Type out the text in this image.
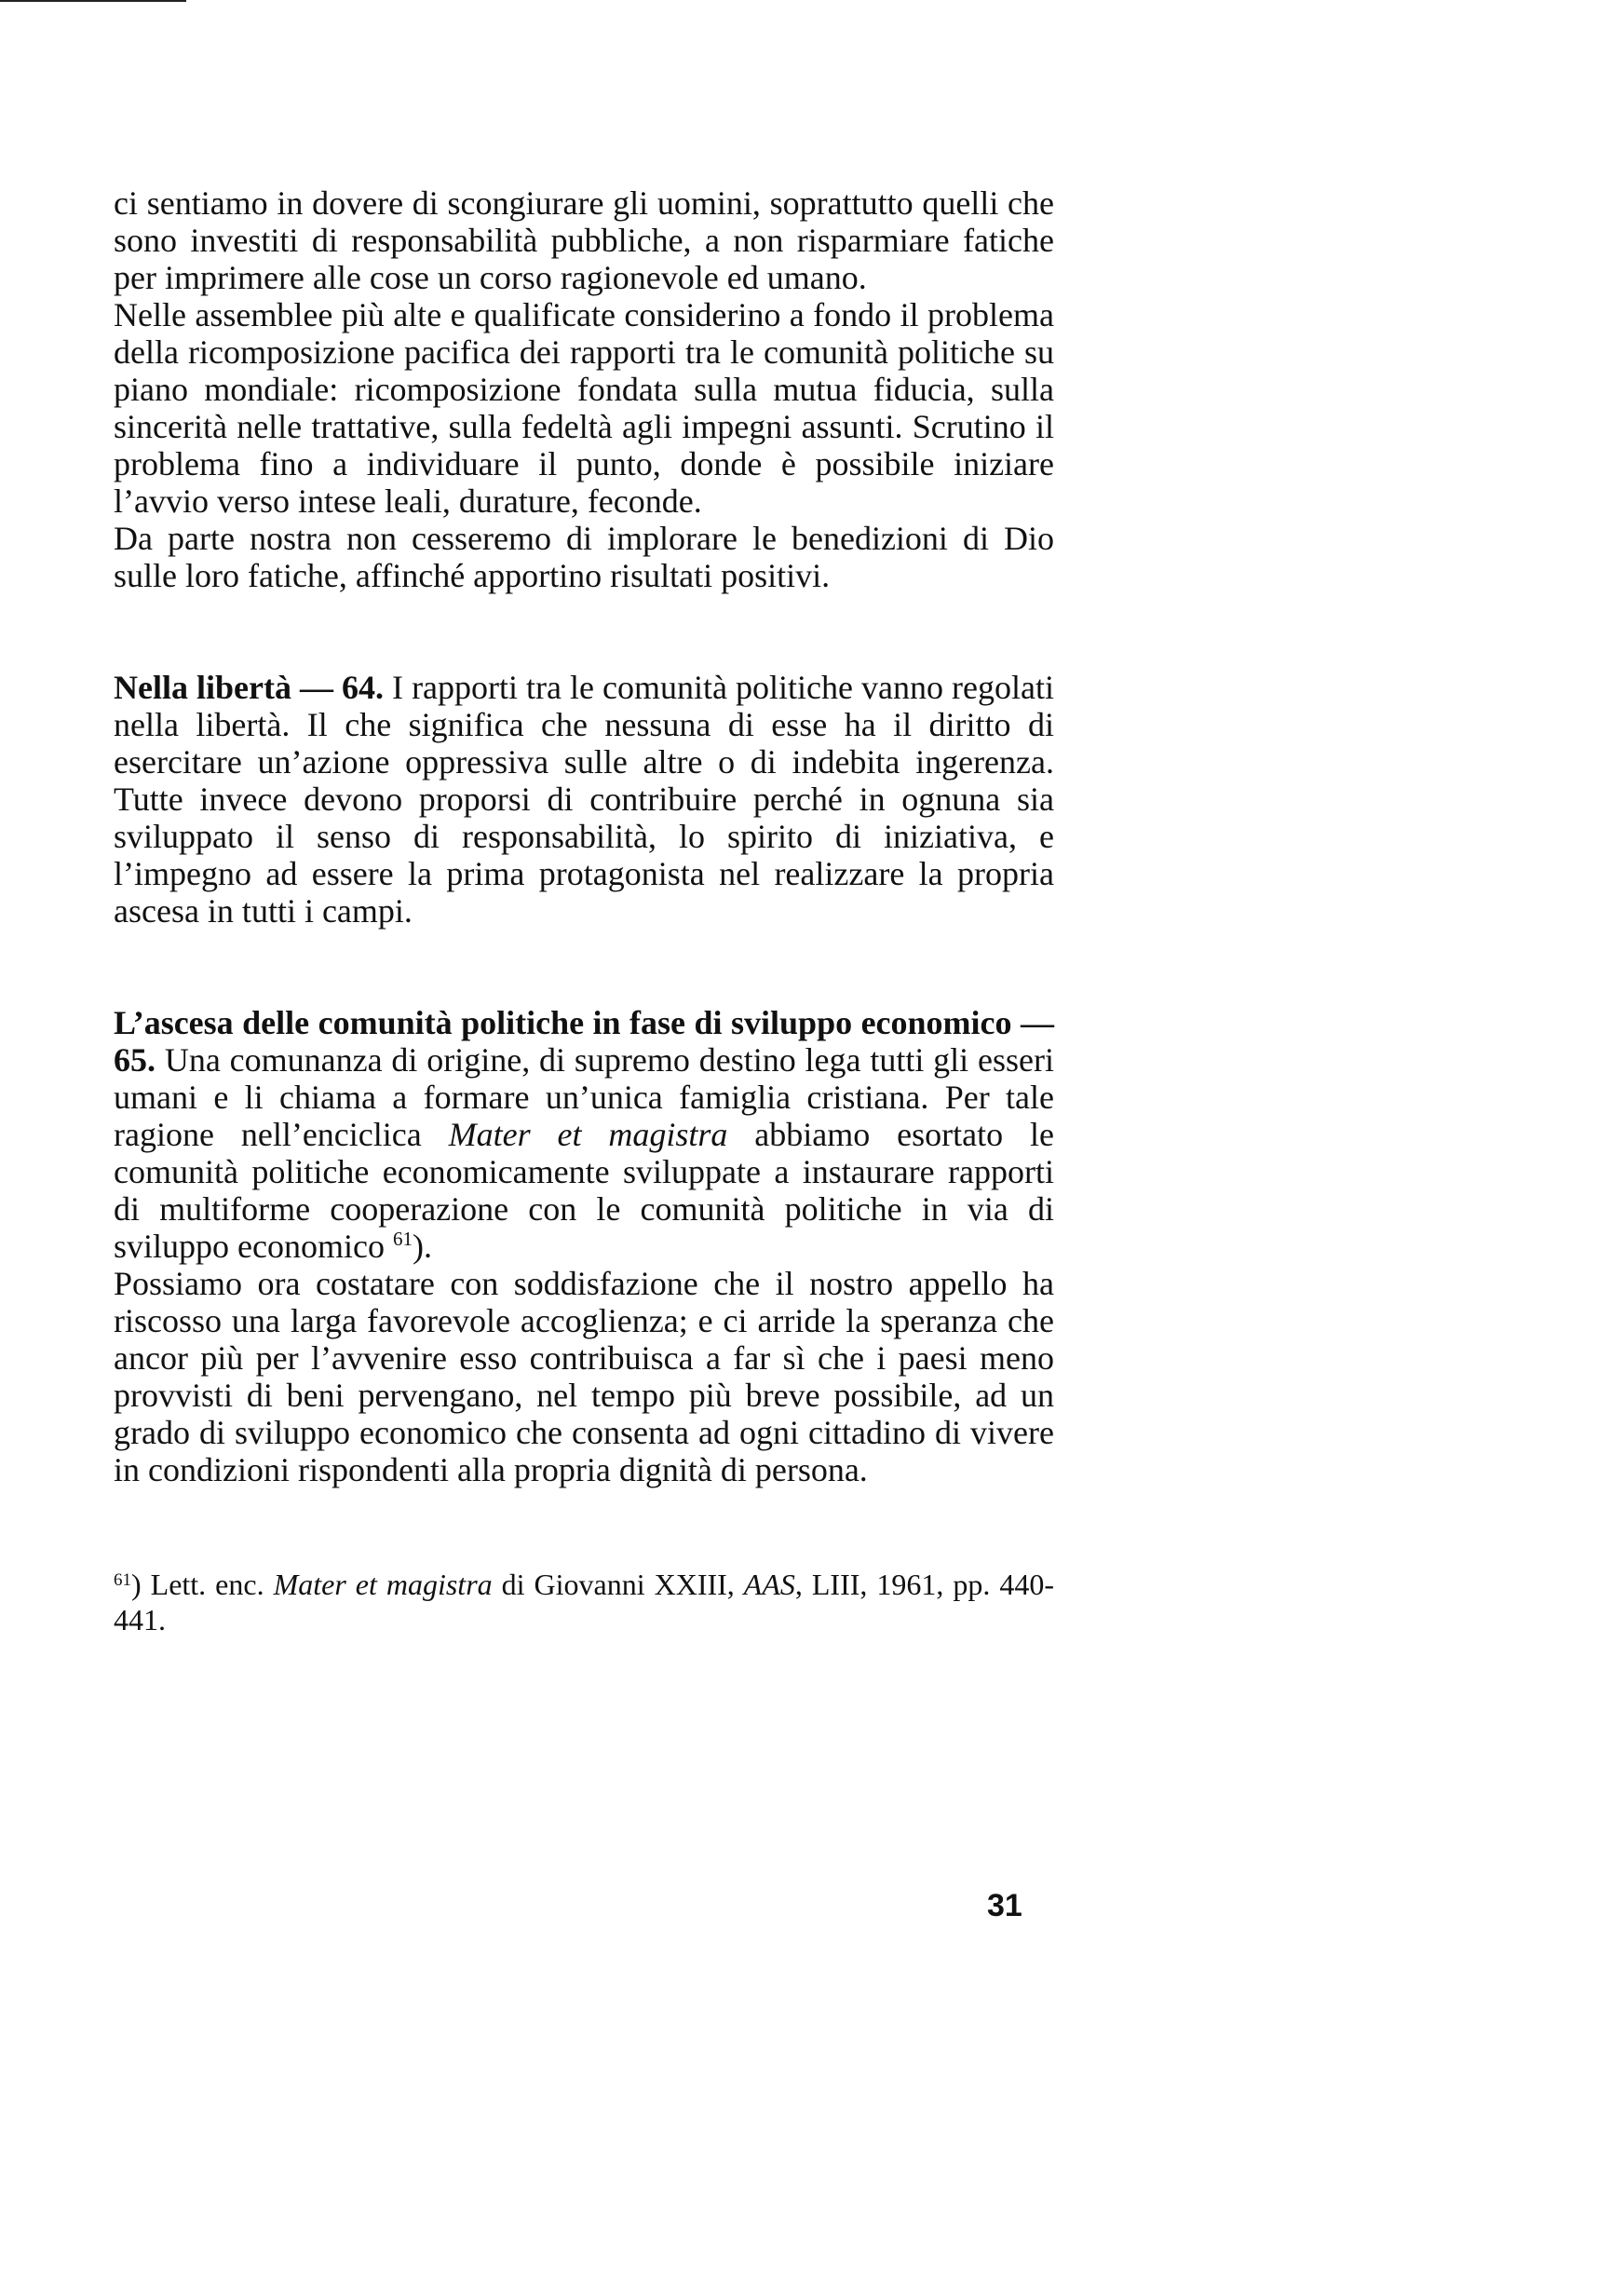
ci sentiamo in dovere di scongiurare gli uomini, soprattutto quelli che sono investiti di responsabilità pubbliche, a non risparmiare fatiche per imprimere alle cose un corso ragionevole ed umano.

Nelle assemblee più alte e qualificate considerino a fondo il problema della ricomposizione pacifica dei rapporti tra le comunità politiche su piano mondiale: ricomposizione fondata sulla mutua fiducia, sulla sincerità nelle trattative, sulla fedeltà agli impegni assunti. Scrutino il problema fino a individuare il punto, donde è possibile iniziare l’avvio verso intese leali, durature, feconde.

Da parte nostra non cesseremo di implorare le benedizioni di Dio sulle loro fatiche, affinché apportino risultati positivi.

Nella libertà — 64. I rapporti tra le comunità politiche vanno regolati nella libertà. Il che significa che nessuna di esse ha il diritto di esercitare un’azione oppressiva sulle altre o di indebita ingerenza. Tutte invece devono proporsi di contribuire perché in ognuna sia sviluppato il senso di responsabilità, lo spirito di iniziativa, e l’impegno ad essere la prima protagonista nel realizzare la propria ascesa in tutti i campi.

L’ascesa delle comunità politiche in fase di sviluppo economico — 65. Una comunanza di origine, di supremo destino lega tutti gli esseri umani e li chiama a formare un’unica famiglia cristiana. Per tale ragione nell’enciclica Mater et magistra abbiamo esortato le comunità politiche economicamente sviluppate a instaurare rapporti di multiforme cooperazione con le comunità politiche in via di sviluppo economico $^{61}$).

Possiamo ora costatare con soddisfazione che il nostro appello ha riscosso una larga favorevole accoglienza; e ci arride la speranza che ancor più per l’avvenire esso contribuisca a far sì che i paesi meno provvisti di beni pervengano, nel tempo più breve possibile, ad un grado di sviluppo economico che consenta ad ogni cittadino di vivere in condizioni rispondenti alla propria dignità di persona.

$^{61}$) Lett. enc. Mater et magistra di Giovanni XXIII, AAS, LIII, 1961, pp. 440-441.

31
